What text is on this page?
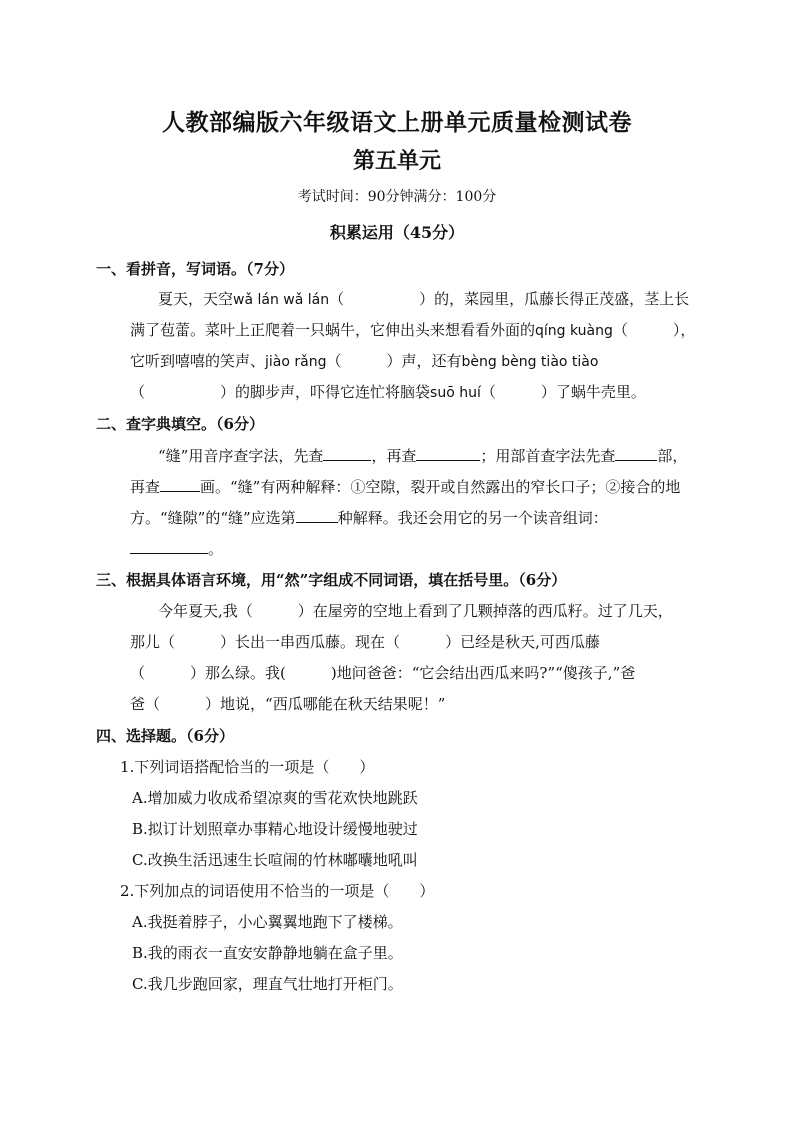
人教部编版六年级语文上册单元质量检测试卷
第五单元
考试时间：90分钟满分：100分
积累运用（45分）
一、看拼音，写词语。（7分）
夏天，天空wǎ lán wǎ lán（　　　　　）的，菜园里，瓜藤长得正茂盛，茎上长
满了苞蕾。菜叶上正爬着一只蜗牛，它伸出头来想看看外面的qíng kuàng（　　　），
它听到嘻嘻的笑声、jiào rǎng（　　　）声，还有bèng bèng tiào tiào
（　　　　　）的脚步声，吓得它连忙将脑袋suō huí（　　　）了蜗牛壳里。
二、查字典填空。（6分）
“缝”用音序查字法，先查	，再查	；用部首查字法先查	部，
再查	画。“缝”有两种解释：①空隙，裂开或自然露出的窄长口子；②接合的地
方。“缝隙”的“缝”应选第	种解释。我还会用它的另一个读音组词：
。
三、根据具体语言环境，用“然”字组成不同词语，填在括号里。（6分）
今年夏天,我（　　　	）在屋旁的空地上看到了几颗掉落的西瓜籽。过了几天，
那儿（　　　	）长出一串西瓜藤。现在（　　　	）已经是秋天,可西瓜藤
（　　　	）那么绿。我(　　　	)地问爸爸：“它会结出西瓜来吗?”“傻孩子,”爸
爸（　　　	）地说，“西瓜哪能在秋天结果呢！”
四、选择题。（6分）
1.下列词语搭配恰当的一项是（　　）
A.增加威力收成希望凉爽的雪花欢快地跳跃
B.拟订计划照章办事精心地设计缓慢地驶过
C.改换生活迅速生长喧闹的竹林嘟囔地吼叫
2.下列加点的词语使用不恰当的一项是（　　）
A.我挺着脖子，小心翼翼地跑下了楼梯。
B.我的雨衣一直安安静静地躺在盒子里。
C.我几步跑回家，理直气壮地打开柜门。
